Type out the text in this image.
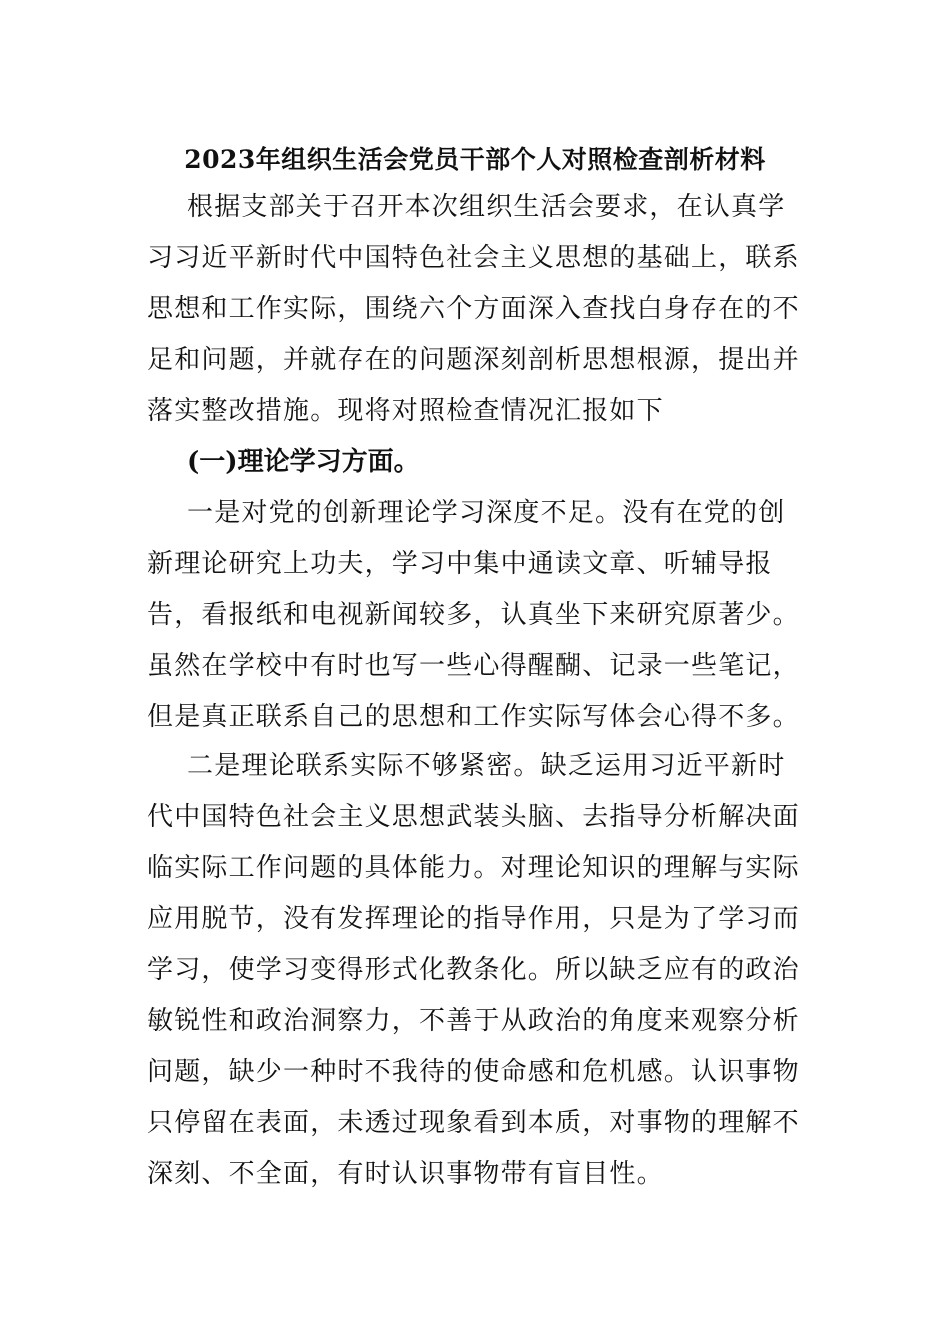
2023年组织生活会党员干部个人对照检查剖析材料

根据支部关于召开本次组织生活会要求，在认真学习习近平新时代中国特色社会主义思想的基础上，联系思想和工作实际，围绕六个方面深入查找白身存在的不足和问题，并就存在的问题深刻剖析思想根源，提出并落实整改措施。现将对照检查情况汇报如下

(一)理论学习方面。

一是对党的创新理论学习深度不足。没有在党的创新理论研究上功夫，学习中集中通读文章、听辅导报告，看报纸和电视新闻较多，认真坐下来研究原著少。虽然在学校中有时也写一些心得醒醐、记录一些笔记，但是真正联系自己的思想和工作实际写体会心得不多。

二是理论联系实际不够紧密。缺乏运用习近平新时代中国特色社会主义思想武装头脑、去指导分析解决面临实际工作问题的具体能力。对理论知识的理解与实际应用脱节，没有发挥理论的指导作用，只是为了学习而学习，使学习变得形式化教条化。所以缺乏应有的政治敏锐性和政治洞察力，不善于从政治的角度来观察分析问题，缺少一种时不我待的使命感和危机感。认识事物只停留在表面，未透过现象看到本质，对事物的理解不深刻、不全面，有时认识事物带有盲目性。
